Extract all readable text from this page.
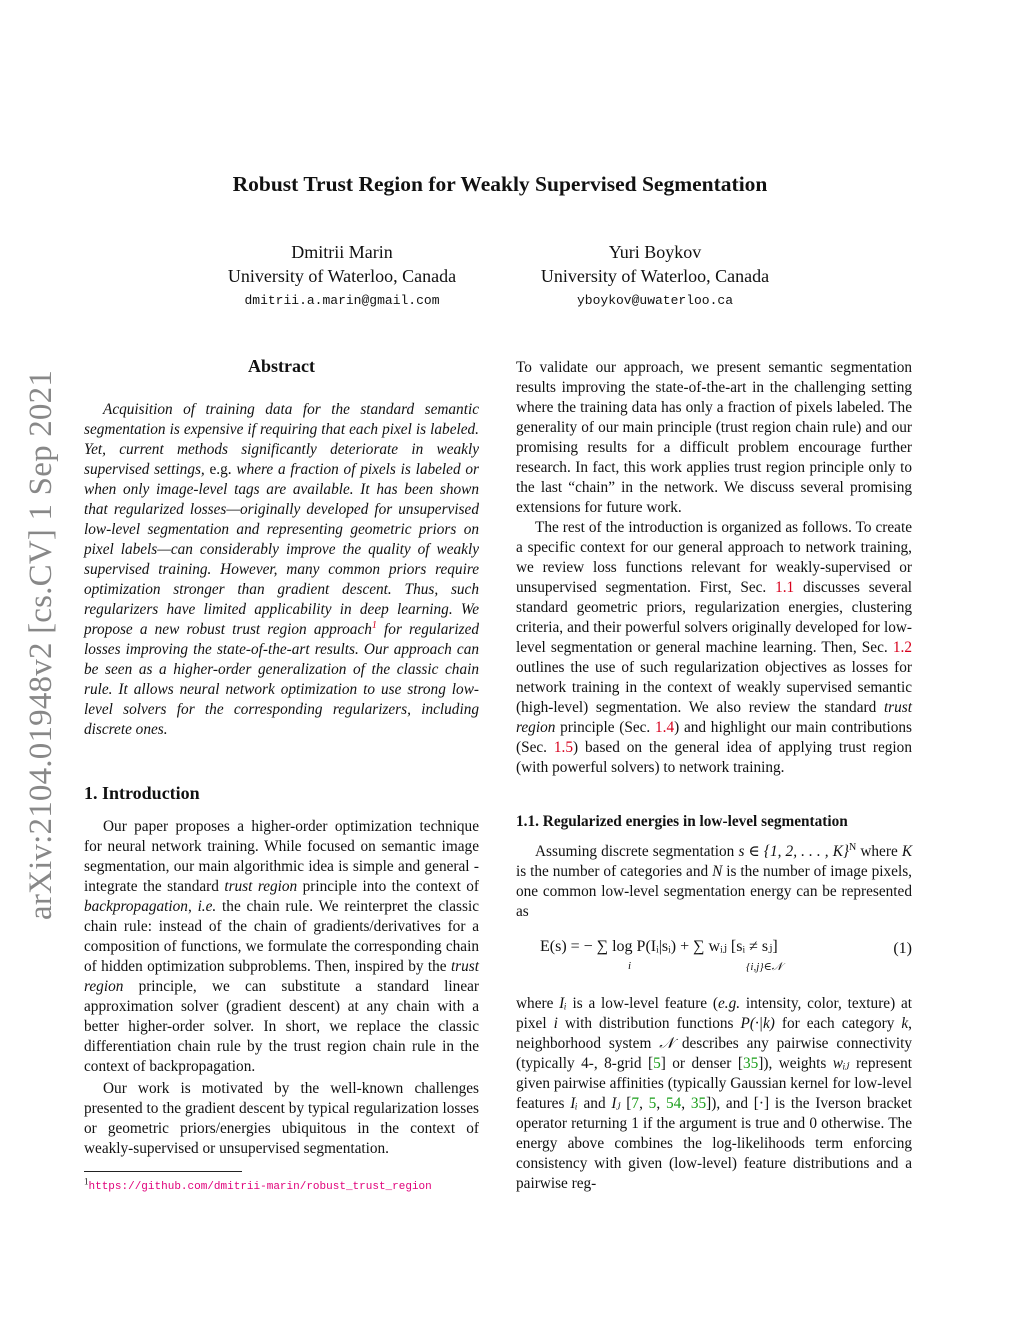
Robust Trust Region for Weakly Supervised Segmentation
Dmitrii Marin
University of Waterloo, Canada
dmitrii.a.marin@gmail.com
Yuri Boykov
University of Waterloo, Canada
yboykov@uwaterloo.ca
arXiv:2104.01948v2 [cs.CV] 1 Sep 2021
Abstract

Acquisition of training data for the standard semantic segmentation is expensive if requiring that each pixel is labeled. Yet, current methods significantly deteriorate in weakly supervised settings, e.g. where a fraction of pixels is labeled or when only image-level tags are available. It has been shown that regularized losses—originally developed for unsupervised low-level segmentation and representing geometric priors on pixel labels—can considerably improve the quality of weakly supervised training. However, many common priors require optimization stronger than gradient descent. Thus, such regularizers have limited applicability in deep learning. We propose a new robust trust region approach$^1$ for regularized losses improving the state-of-the-art results. Our approach can be seen as a higher-order generalization of the classic chain rule. It allows neural network optimization to use strong low-level solvers for the corresponding regularizers, including discrete ones.

1. Introduction

Our paper proposes a higher-order optimization technique for neural network training. While focused on semantic image segmentation, our main algorithmic idea is simple and general - integrate the standard trust region principle into the context of backpropagation, i.e. the chain rule. We reinterpret the classic chain rule: instead of the chain of gradients/derivatives for a composition of functions, we formulate the corresponding chain of hidden optimization subproblems. Then, inspired by the trust region principle, we can substitute a standard linear approximation solver (gradient descent) at any chain with a better higher-order solver. In short, we replace the classic differentiation chain rule by the trust region chain rule in the context of backpropagation.

Our work is motivated by the well-known challenges presented to the gradient descent by typical regularization losses or geometric priors/energies ubiquitous in the context of weakly-supervised or unsupervised segmentation.

$^1$https://github.com/dmitrii-marin/robust_trust_region

To validate our approach, we present semantic segmentation results improving the state-of-the-art in the challenging setting where the training data has only a fraction of pixels labeled. The generality of our main principle (trust region chain rule) and our promising results for a difficult problem encourage further research. In fact, this work applies trust region principle only to the last “chain” in the network. We discuss several promising extensions for future work.

The rest of the introduction is organized as follows. To create a specific context for our general approach to network training, we review loss functions relevant for weakly-supervised or unsupervised segmentation. First, Sec. 1.1 discusses several standard geometric priors, regularization energies, clustering criteria, and their powerful solvers originally developed for low-level segmentation or general machine learning. Then, Sec. 1.2 outlines the use of such regularization objectives as losses for network training in the context of weakly supervised semantic (high-level) segmentation. We also review the standard trust region principle (Sec. 1.4) and highlight our main contributions (Sec. 1.5) based on the general idea of applying trust region (with powerful solvers) to network training.

1.1. Regularized energies in low-level segmentation

Assuming discrete segmentation s ∈ {1, 2, . . . , K}$^N$ where K is the number of categories and N is the number of image pixels, one common low-level segmentation energy can be represented as

E(s) = − ∑ log P(Iᵢ|sᵢ) + ∑ wᵢⱼ [sᵢ ≠ sⱼ]
i	{i,j}∈𝒩
(1)

where Iᵢ is a low-level feature (e.g. intensity, color, texture) at pixel i with distribution functions P(·|k) for each category k, neighborhood system 𝒩 describes any pairwise connectivity (typically 4-, 8-grid [5] or denser [35]), weights wᵢⱼ represent given pairwise affinities (typically Gaussian kernel for low-level features Iᵢ and Iⱼ [7, 5, 54, 35]), and [·] is the Iverson bracket operator returning 1 if the argument is true and 0 otherwise. The energy above combines the log-likelihoods term enforcing consistency with given (low-level) feature distributions and a pairwise reg-
